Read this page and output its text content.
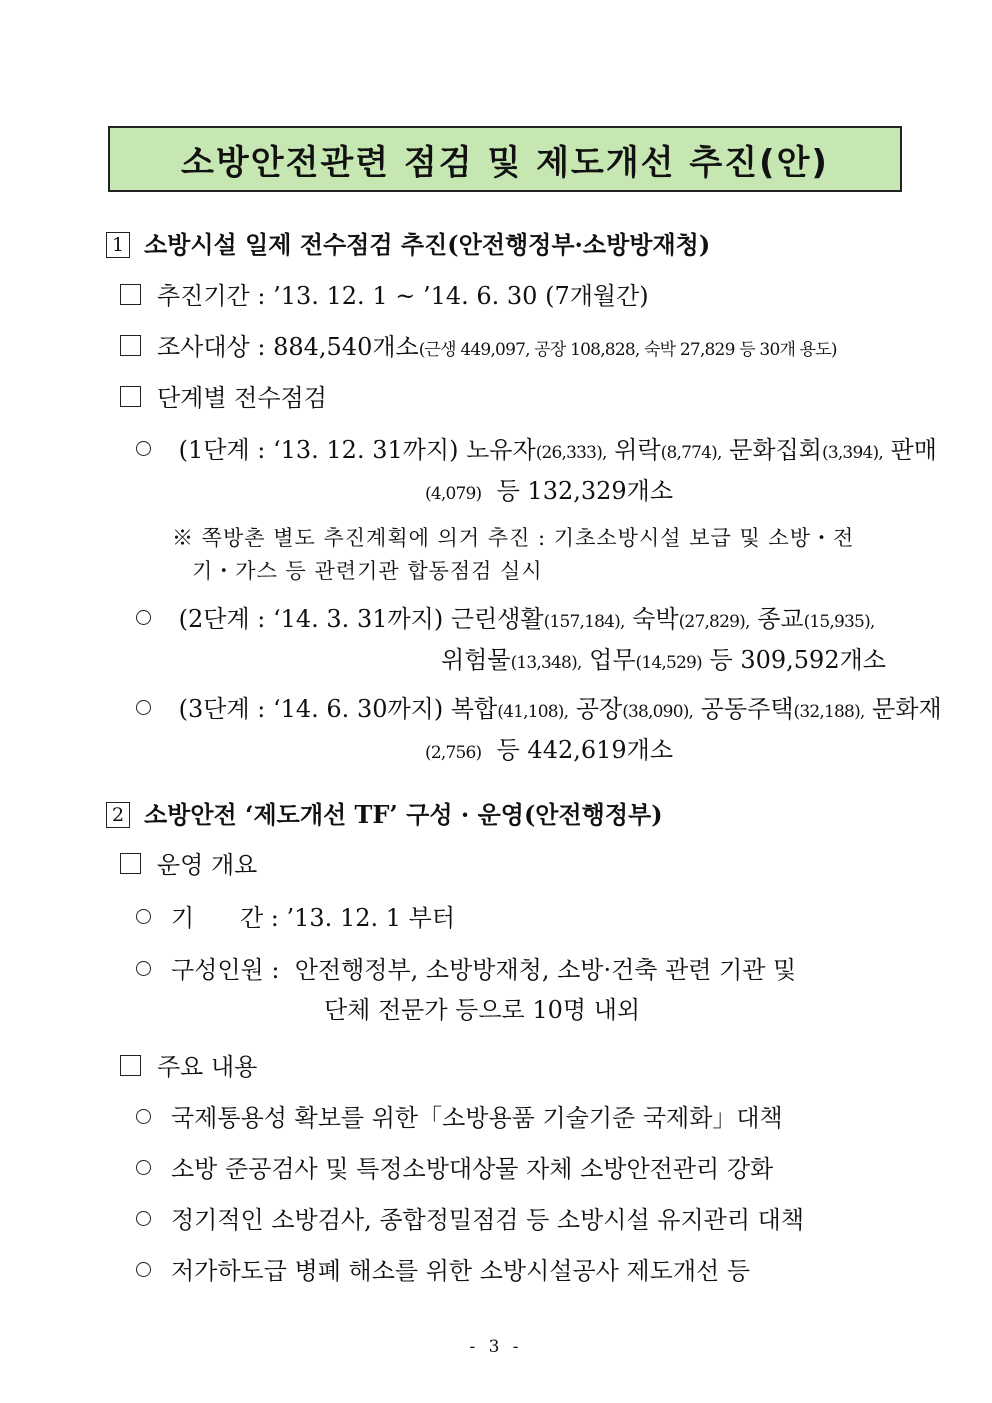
소방안전관련 점검 및 제도개선 추진(안)
1 소방시설 일제 전수점검 추진(안전행정부·소방방재청)
추진기간 : ’13. 12. 1 ~ ’14. 6. 30 (7개월간)
조사대상 : 884,540개소(근생 449,097, 공장 108,828, 숙박 27,829 등 30개 용도)
단계별 전수점검
(1단계 : ‘13. 12. 31까지) 노유자(26,333), 위락(8,774), 문화집회(3,394), 판매
(4,079) 등 132,329개소
※ 쪽방촌 별도 추진계획에 의거 추진 : 기초소방시설 보급 및 소방・전
기・가스 등 관련기관 합동점검 실시
(2단계 : ‘14. 3. 31까지) 근린생활(157,184), 숙박(27,829), 종교(15,935),
위험물(13,348), 업무(14,529) 등 309,592개소
(3단계 : ‘14. 6. 30까지) 복합(41,108), 공장(38,090), 공동주택(32,188), 문화재
(2,756) 등 442,619개소
2 소방안전 ‘제도개선 TF’ 구성 · 운영(안전행정부)
운영 개요
기 간 : ’13. 12. 1 부터
구성인원 : 안전행정부, 소방방재청, 소방·건축 관련 기관 및
단체 전문가 등으로 10명 내외
주요 내용
국제통용성 확보를 위한「소방용품 기술기준 국제화」대책
소방 준공검사 및 특정소방대상물 자체 소방안전관리 강화
정기적인 소방검사, 종합정밀점검 등 소방시설 유지관리 대책
저가하도급 병폐 해소를 위한 소방시설공사 제도개선 등
- 3 -
